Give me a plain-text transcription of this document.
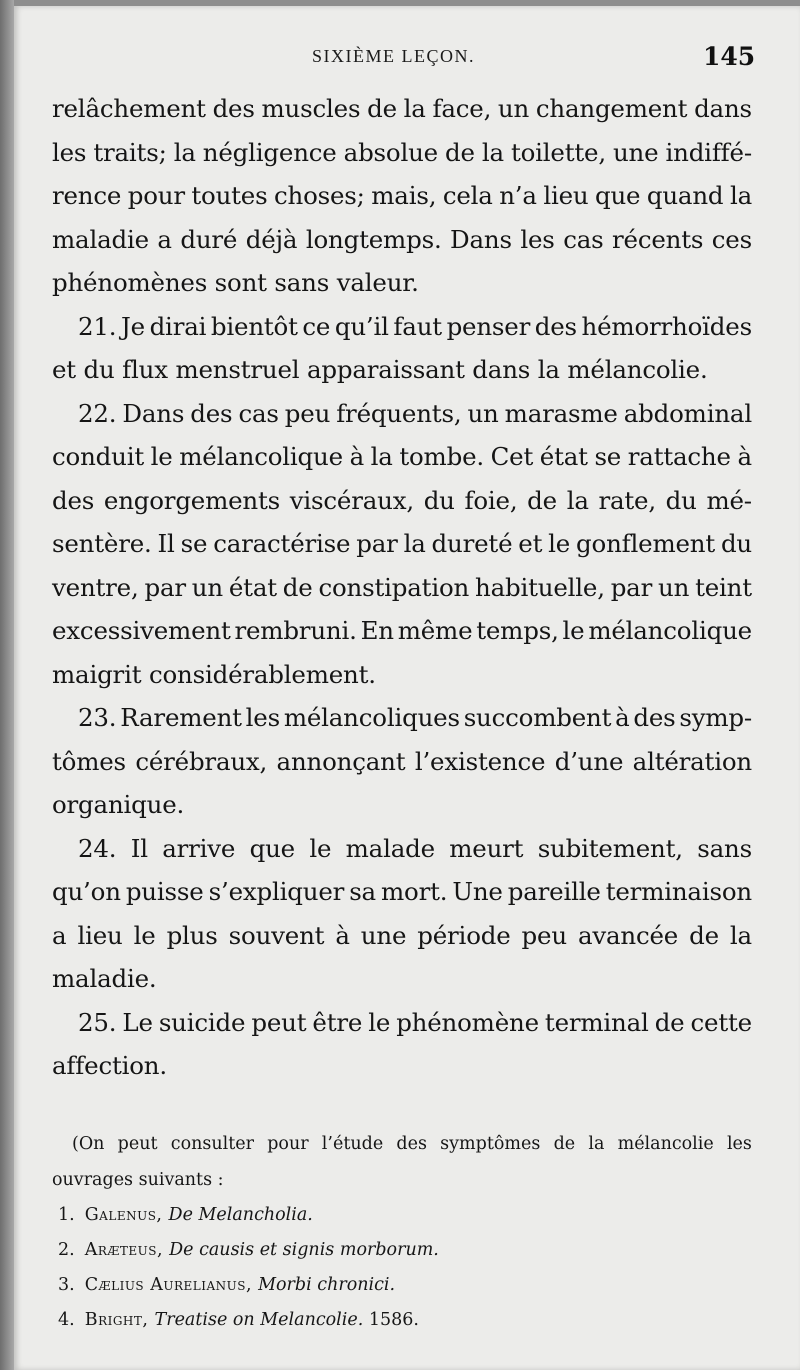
SIXIÈME LEÇON.	145
relâchement des muscles de la face, un changement dans
les traits; la négligence absolue de la toilette, une indiffé-
rence pour toutes choses; mais, cela n’a lieu que quand la
maladie a duré déjà longtemps. Dans les cas récents ces
phénomènes sont sans valeur.
21. Je dirai bientôt ce qu’il faut penser des hémorrhoïdes
et du flux menstruel apparaissant dans la mélancolie.
22. Dans des cas peu fréquents, un marasme abdominal
conduit le mélancolique à la tombe. Cet état se rattache à
des engorgements viscéraux, du foie, de la rate, du mé-
sentère. Il se caractérise par la dureté et le gonflement du
ventre, par un état de constipation habituelle, par un teint
excessivement rembruni. En même temps, le mélancolique
maigrit considérablement.
23. Rarement les mélancoliques succombent à des symp-
tômes cérébraux, annonçant l’existence d’une altération
organique.
24. Il arrive que le malade meurt subitement, sans
qu’on puisse s’expliquer sa mort. Une pareille terminaison
a lieu le plus souvent à une période peu avancée de la
maladie.
25. Le suicide peut être le phénomène terminal de cette
affection.
(On peut consulter pour l’étude des symptômes de la mélancolie les
ouvrages suivants :
1. Galenus, De Melancholia.
2. Aræteus, De causis et signis morborum.
3. Cælius Aurelianus, Morbi chronici.
4. Bright, Treatise on Melancolie. 1586.
